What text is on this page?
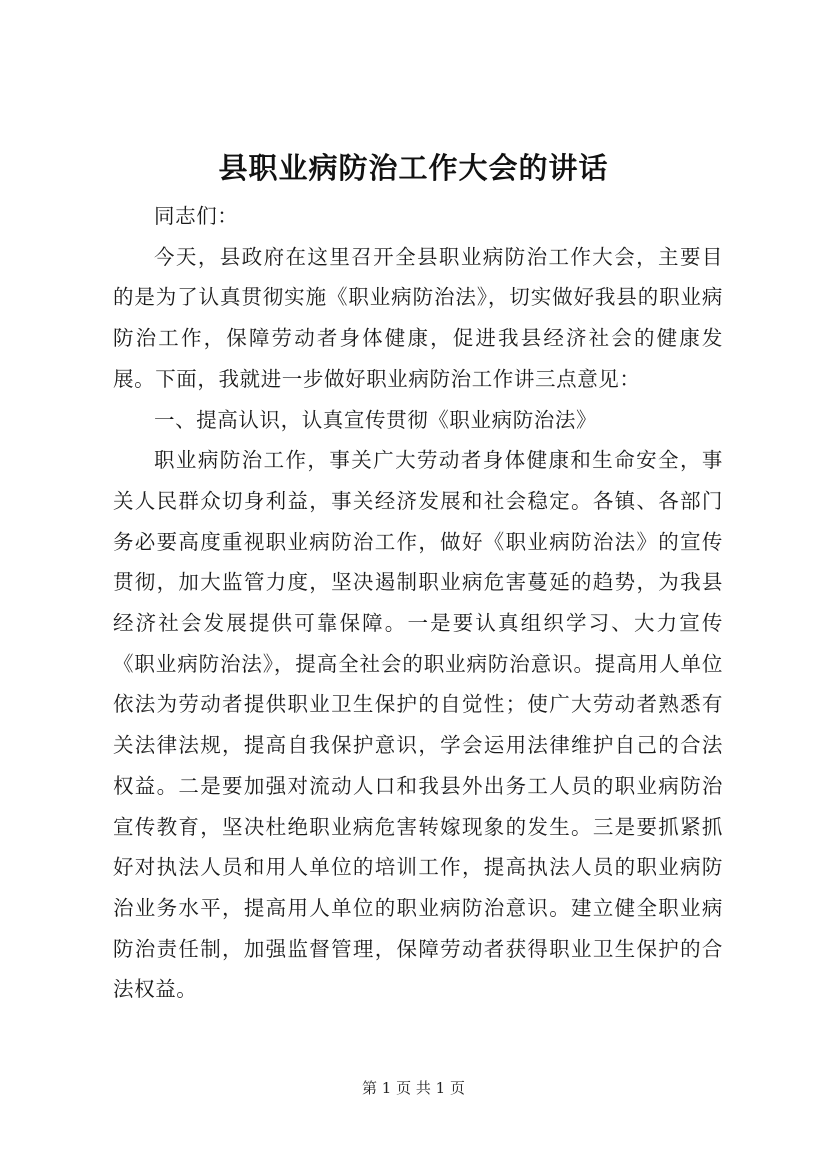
县职业病防治工作大会的讲话

同志们：

今天，县政府在这里召开全县职业病防治工作大会，主要目的是为了认真贯彻实施《职业病防治法》，切实做好我县的职业病防治工作，保障劳动者身体健康，促进我县经济社会的健康发展。下面，我就进一步做好职业病防治工作讲三点意见：

一、提高认识，认真宣传贯彻《职业病防治法》

职业病防治工作，事关广大劳动者身体健康和生命安全，事关人民群众切身利益，事关经济发展和社会稳定。各镇、各部门务必要高度重视职业病防治工作，做好《职业病防治法》的宣传贯彻，加大监管力度，坚决遏制职业病危害蔓延的趋势，为我县经济社会发展提供可靠保障。一是要认真组织学习、大力宣传《职业病防治法》，提高全社会的职业病防治意识。提高用人单位依法为劳动者提供职业卫生保护的自觉性；使广大劳动者熟悉有关法律法规，提高自我保护意识，学会运用法律维护自己的合法权益。二是要加强对流动人口和我县外出务工人员的职业病防治宣传教育，坚决杜绝职业病危害转嫁现象的发生。三是要抓紧抓好对执法人员和用人单位的培训工作，提高执法人员的职业病防治业务水平，提高用人单位的职业病防治意识。建立健全职业病防治责任制，加强监督管理，保障劳动者获得职业卫生保护的合法权益。

第 1 页 共 1 页
